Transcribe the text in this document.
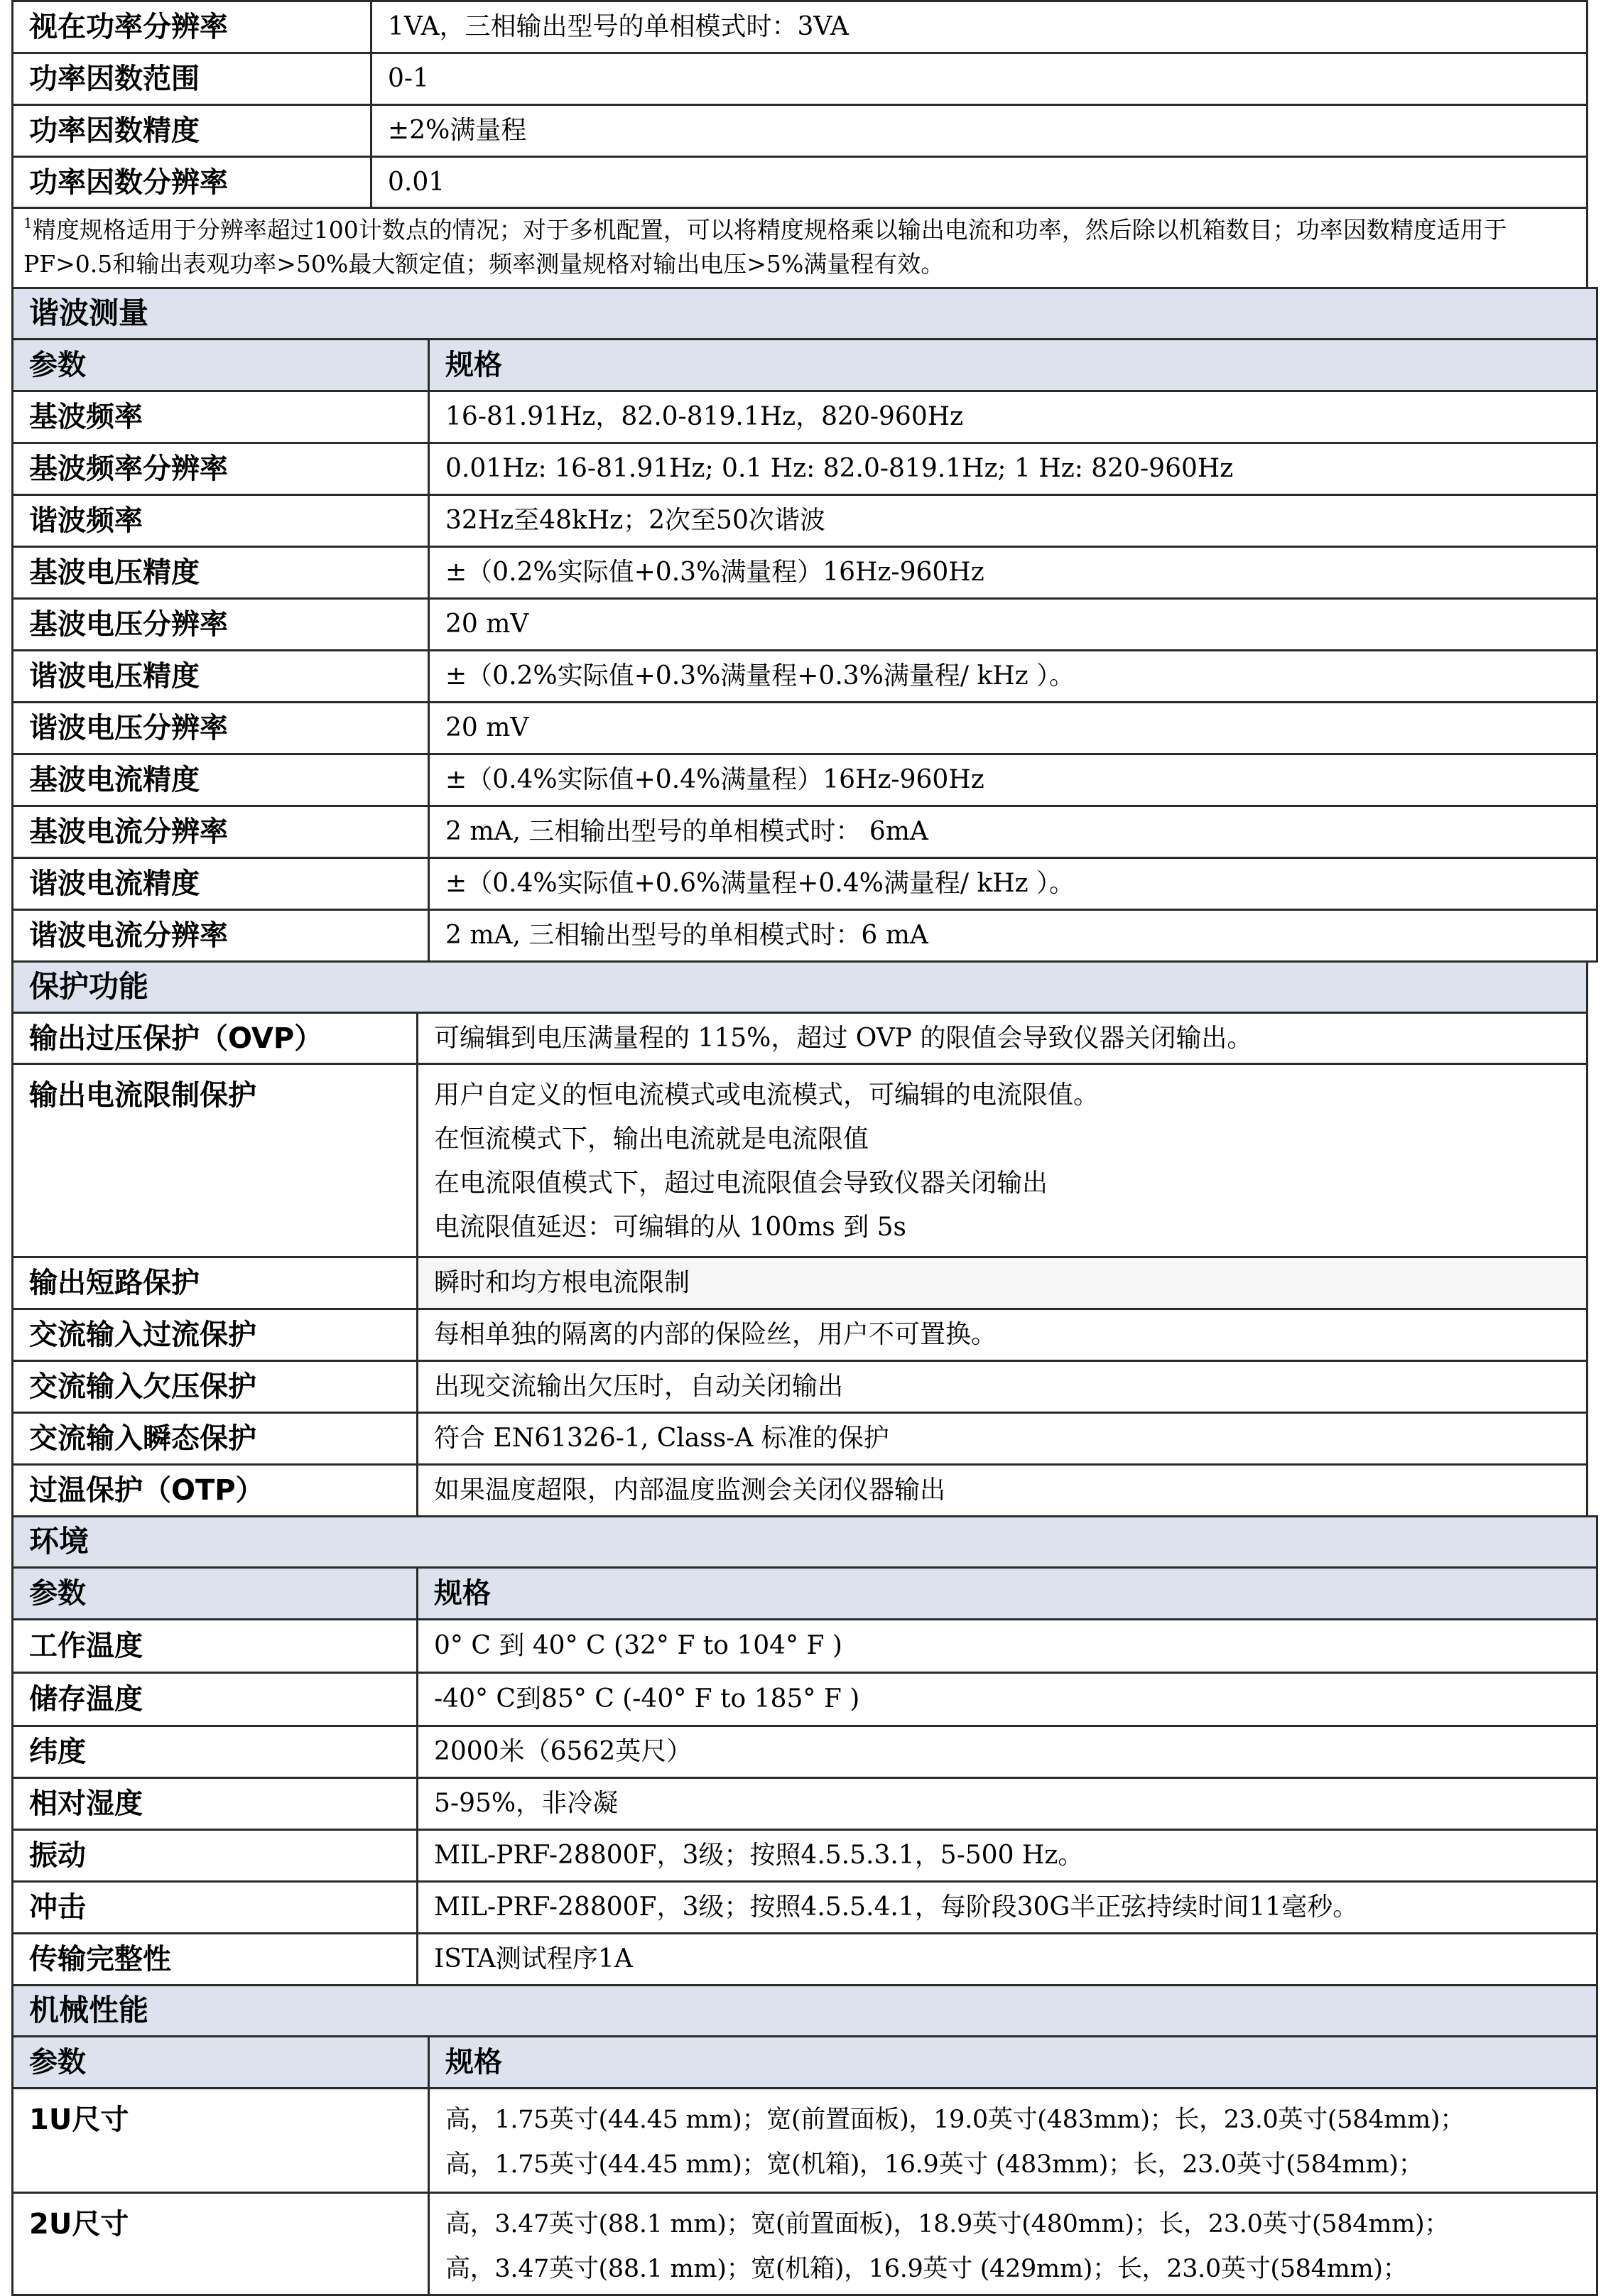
视在功率分辨率	1VA，三相输出型号的单相模式时：3VA
功率因数范围	0-1
功率因数精度	±2%满量程
功率因数分辨率	0.01
$^1$精度规格适用于分辨率超过100计数点的情况；对于多机配置，可以将精度规格乘以输出电流和功率，然后除以机箱数目；功率因数精度适用于PF>0.5和输出表观功率>50%最大额定值；频率测量规格对输出电压>5%满量程有效。	
谐波测量	
参数	规格
基波频率	16-81.91Hz，82.0-819.1Hz，820-960Hz
基波频率分辨率	0.01Hz: 16-81.91Hz; 0.1 Hz: 82.0-819.1Hz; 1 Hz: 820-960Hz
谐波频率	32Hz至48kHz；2次至50次谐波
基波电压精度	±（0.2%实际值+0.3%满量程）16Hz-960Hz
基波电压分辨率	20 mV
谐波电压精度	±（0.2%实际值+0.3%满量程+0.3%满量程/ kHz ）。
谐波电压分辨率	20 mV
基波电流精度	±（0.4%实际值+0.4%满量程）16Hz-960Hz
基波电流分辨率	2 mA, 三相输出型号的单相模式时： 6mA
谐波电流精度	±（0.4%实际值+0.6%满量程+0.4%满量程/ kHz ）。
谐波电流分辨率	2 mA, 三相输出型号的单相模式时：6 mA
保护功能	
输出过压保护（OVP）	可编辑到电压满量程的 115%，超过 OVP 的限值会导致仪器关闭输出。

输出电流限制保护	用户自定义的恒电流模式或电流模式，可编辑的电流限值。
在恒流模式下，输出电流就是电流限值
在电流限值模式下，超过电流限值会导致仪器关闭输出
电流限值延迟：可编辑的从 100ms 到 5s

输出短路保护	瞬时和均方根电流限制
交流输入过流保护	每相单独的隔离的内部的保险丝，用户不可置换。
交流输入欠压保护	出现交流输出欠压时，自动关闭输出
交流输入瞬态保护	符合 EN61326-1, Class-A 标准的保护
过温保护（OTP）	如果温度超限，内部温度监测会关闭仪器输出
环境	
参数	规格
工作温度	0° C 到 40° C (32° F to 104° F )
储存温度	-40° C到85° C (-40° F to 185° F )
纬度	2000米（6562英尺）
相对湿度	5-95%，非冷凝
振动	MIL-PRF-28800F，3级；按照4.5.5.3.1，5-500 Hz。
冲击	MIL-PRF-28800F，3级；按照4.5.5.4.1，每阶段30G半正弦持续时间11毫秒。
传输完整性	ISTA测试程序1A
机械性能	
参数	规格

1U尺寸	高，1.75英寸(44.45 mm)；宽(前置面板)，19.0英寸(483mm)；长，23.0英寸(584mm)；
高，1.75英寸(44.45 mm)；宽(机箱)，16.9英寸 (483mm)；长，23.0英寸(584mm)；

2U尺寸	高，3.47英寸(88.1 mm)；宽(前置面板)，18.9英寸(480mm)；长，23.0英寸(584mm)；
高，3.47英寸(88.1 mm)；宽(机箱)，16.9英寸 (429mm)；长，23.0英寸(584mm)；
